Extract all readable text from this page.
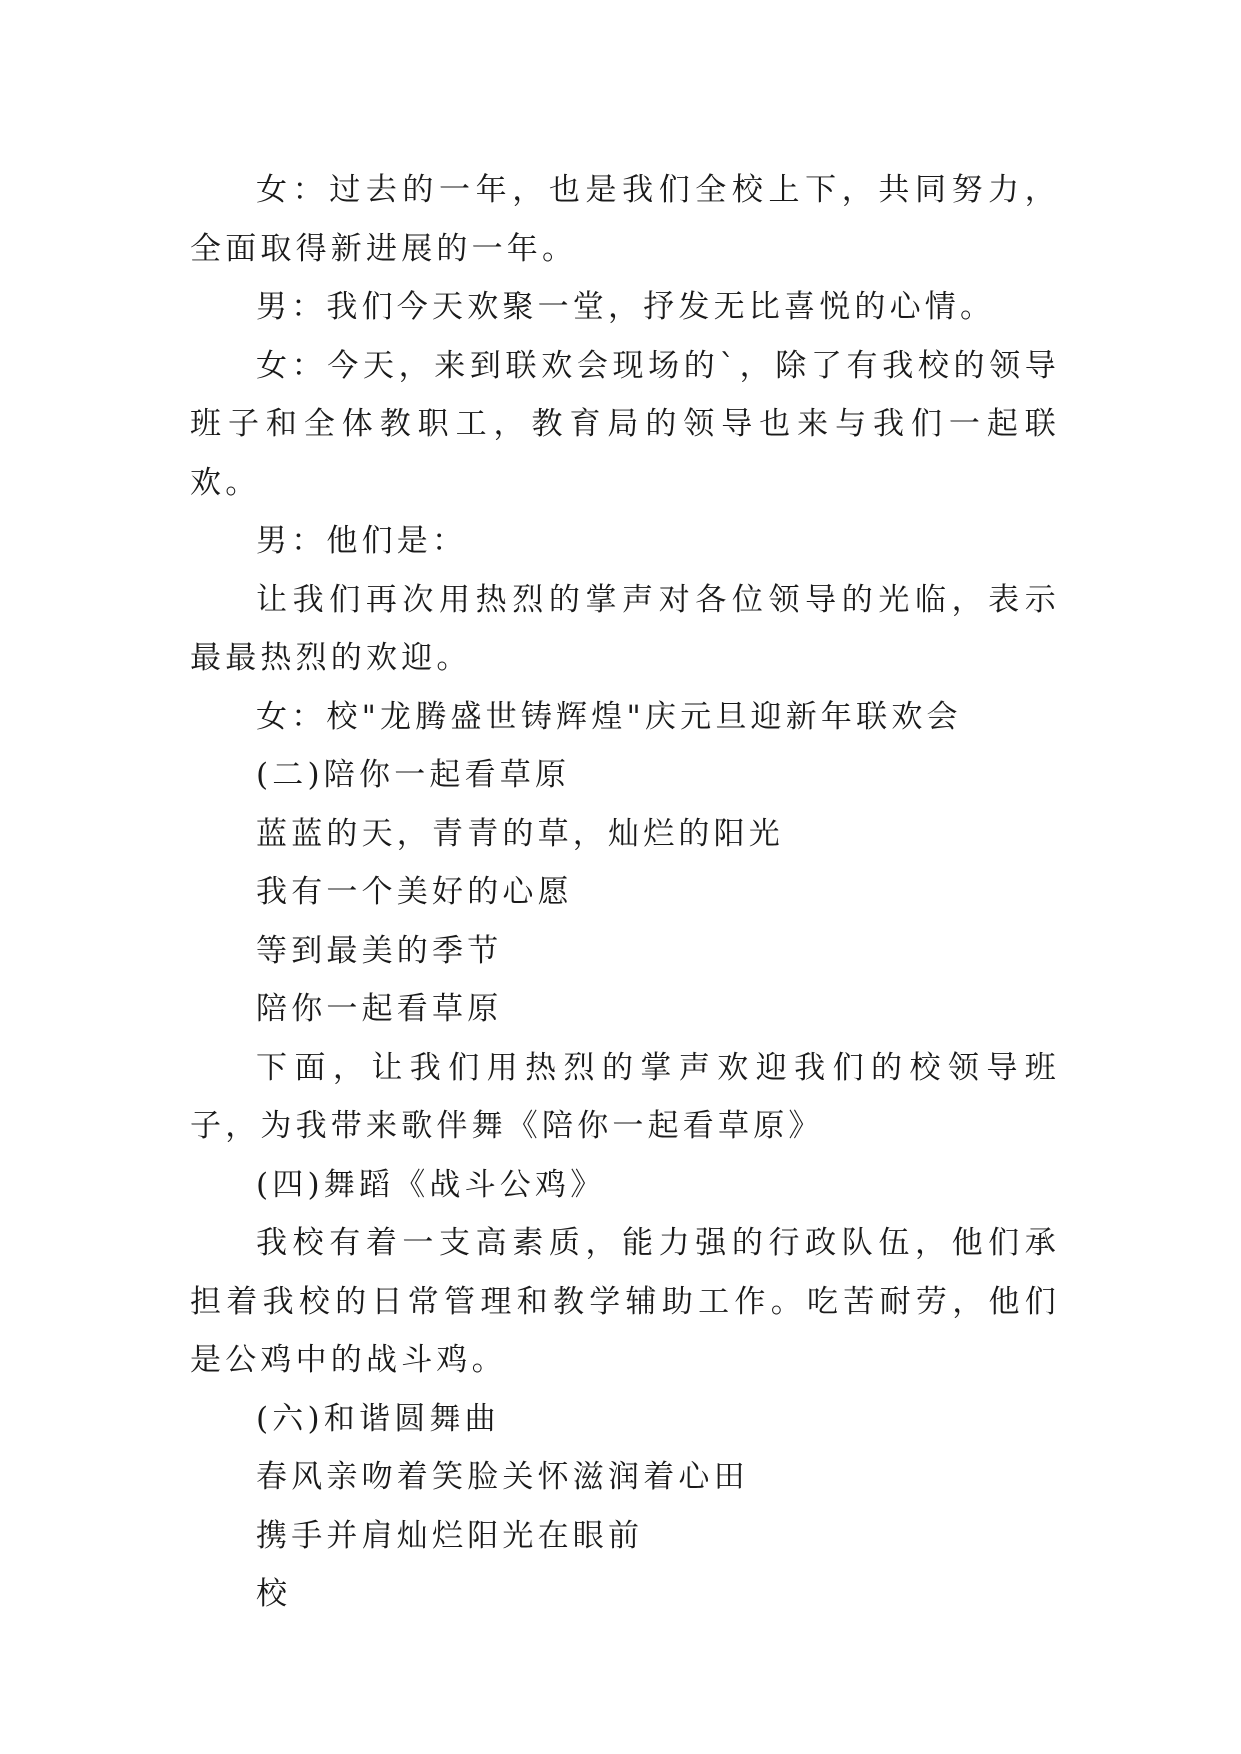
女：过去的一年，也是我们全校上下，共同努力，全面取得新进展的一年。

男：我们今天欢聚一堂，抒发无比喜悦的心情。

女：今天，来到联欢会现场的`，除了有我校的领导班子和全体教职工，教育局的领导也来与我们一起联欢。

男：他们是：

让我们再次用热烈的掌声对各位领导的光临，表示最最热烈的欢迎。

女：校"龙腾盛世铸辉煌"庆元旦迎新年联欢会

(二)陪你一起看草原

蓝蓝的天，青青的草，灿烂的阳光

我有一个美好的心愿

等到最美的季节

陪你一起看草原

下面，让我们用热烈的掌声欢迎我们的校领导班子，为我带来歌伴舞《陪你一起看草原》

(四)舞蹈《战斗公鸡》

我校有着一支高素质，能力强的行政队伍，他们承担着我校的日常管理和教学辅助工作。吃苦耐劳，他们是公鸡中的战斗鸡。

(六)和谐圆舞曲

春风亲吻着笑脸关怀滋润着心田

携手并肩灿烂阳光在眼前

校
